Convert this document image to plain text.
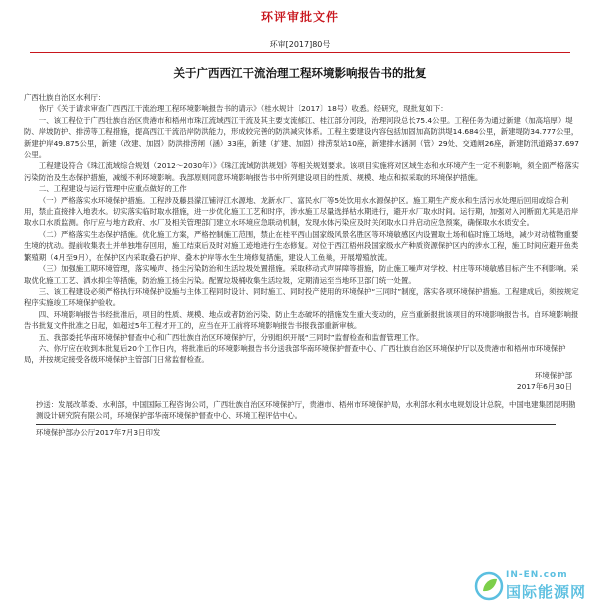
环评审批文件
环审[2017]80号
关于广西西江干流治理工程环境影响报告书的批复

广西壮族自治区水利厅：

你厅《关于请求审查广西西江干流治理工程环境影响报告书的请示》（桂水规计〔2017〕18号）收悉。经研究，现批复如下：

一、该工程位于广西壮族自治区贵港市和梧州市珠江流域西江干流及其主要支流郁江、桂江部分河段，治理河段总长75.4公里。工程任务为通过新建（加高培厚）堤防、岸坡防护、排涝等工程措施，提高西江干流沿岸防洪能力，形成较完善的防洪减灾体系。工程主要建设内容包括加固加高防洪堤14.684公里，新建堤防34.777公里，新建护岸49.875公里，新建（改建、加固）防洪排涝闸（涵）33座，新建（扩建、加固）排涝泵站10座，新建排水涵洞（管）29处、交通闸26座，新建防汛道路37.697公里。

工程建设符合《珠江流域综合规划（2012～2030年）》《珠江流域防洪规划》等相关规划要求。该项目实施将对区域生态和水环境产生一定不利影响，须全面严格落实污染防治及生态保护措施，减缓不利环境影响。我部原则同意环境影响报告书中所列建设项目的性质、规模、地点和拟采取的环境保护措施。

二、工程建设与运行管理中应重点做好的工作

（一）严格落实水环境保护措施。工程涉及藤县濛江铺浔江水源地、龙新水厂、富民水厂等5处饮用水水源保护区。施工期生产废水和生活污水处理后回用或综合利用，禁止直接排入地表水。切实落实临时取水措施，进一步优化施工工艺和时序，涉水施工尽量选择枯水期进行，避开水厂取水时间。运行期，加强对入河断面尤其是沿岸取水口水质监测。你厅应与地方政府、水厂及相关管理部门建立水环境应急联动机制，发现水体污染应及时关闭取水口并启动应急预案，确保取水水质安全。

（二）严格落实生态保护措施。优化施工方案，严格控制施工范围，禁止在桂平西山国家级风景名胜区等环境敏感区内设置取土场和临时施工场地，减少对动植物重要生境的扰动。提前收集表土并单独堆存回用，施工结束后及时对施工迹地进行生态修复。对位于西江梧州段国家级水产种质资源保护区内的涉水工程，施工时间应避开鱼类繁殖期（4月至9月），在保护区内采取叠石护岸、叠木护岸等水生生境修复措施，建设人工鱼巢，开展增殖放流。

（三）加强施工期环境管理，落实噪声、扬尘污染防治和生活垃圾处置措施。采取移动式声屏障等措施，防止施工噪声对学校、村庄等环境敏感目标产生不利影响。采取优化施工工艺、洒水抑尘等措施，防治施工扬尘污染。配置垃圾桶收集生活垃圾，定期清运至当地环卫部门统一处置。

三、该工程建设必须严格执行环境保护设施与主体工程同时设计、同时施工、同时投产使用的环境保护“三同时”制度，落实各项环境保护措施。工程建成后，须按规定程序实施竣工环境保护验收。

四、环境影响报告书经批准后，项目的性质、规模、地点或者防治污染、防止生态破坏的措施发生重大变动的，应当重新报批该项目的环境影响报告书。自环境影响报告书批复文件批准之日起，如超过5年工程才开工的，应当在开工前将环境影响报告书报我部重新审核。

五、我部委托华南环境保护督查中心和广西壮族自治区环境保护厅，分别组织开展“三同时”监督检查和监督管理工作。

六、你厅应在收到本批复后20个工作日内，将批准后的环境影响报告书分送我部华南环境保护督查中心、广西壮族自治区环境保护厅以及贵港市和梧州市环境保护局，并按规定接受各级环境保护主管部门日常监督检查。

环境保护部

2017年6月30日

抄送：发展改革委、水利部，中国国际工程咨询公司，广西壮族自治区环境保护厅，贵港市、梧州市环境保护局，水利部水利水电规划设计总院，中国电建集团昆明勘测设计研究院有限公司，环境保护部华南环境保护督查中心、环境工程评估中心。

环境保护部办公厅2017年7月3日印发

IN-EN.com
国际能源网
